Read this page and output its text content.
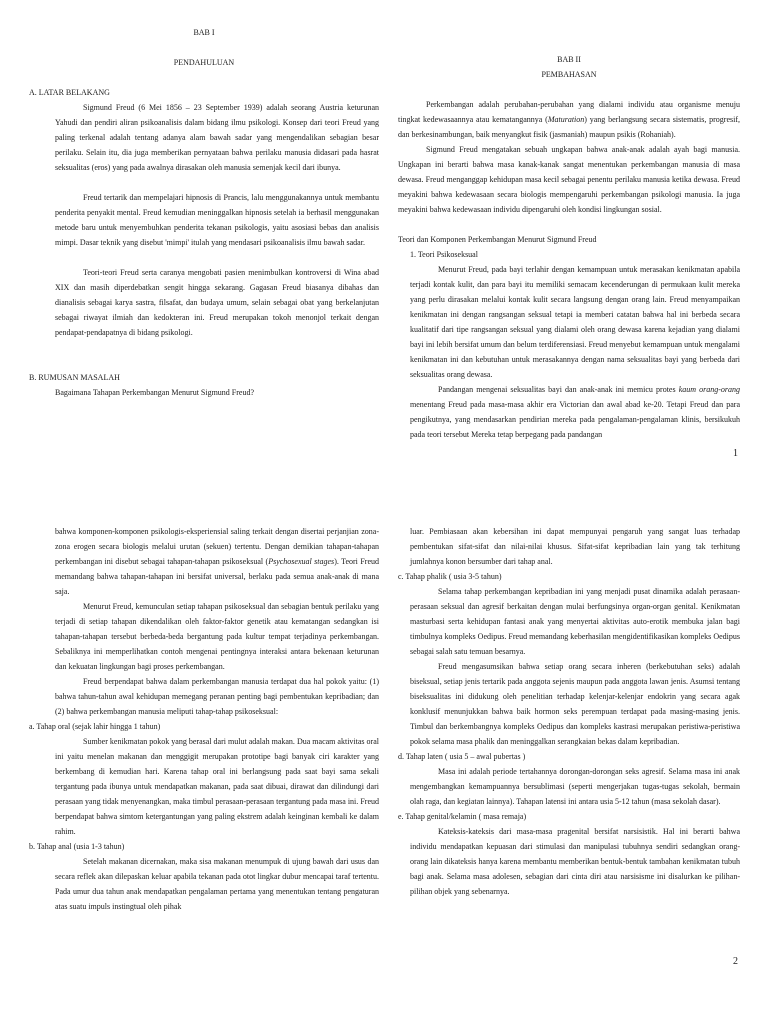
BAB I

PENDAHULUAN

A. LATAR BELAKANG

Sigmund Freud (6 Mei 1856 – 23 September 1939) adalah seorang Austria keturunan Yahudi dan pendiri aliran psikoanalisis dalam bidang ilmu psikologi. Konsep dari teori Freud yang paling terkenal adalah tentang adanya alam bawah sadar yang mengendalikan sebagian besar perilaku. Selain itu, dia juga memberikan pernyataan bahwa perilaku manusia didasari pada hasrat seksualitas (eros) yang pada awalnya dirasakan oleh manusia semenjak kecil dari ibunya.

Freud tertarik dan mempelajari hipnosis di Prancis, lalu menggunakannya untuk membantu penderita penyakit mental. Freud kemudian meninggalkan hipnosis setelah ia berhasil menggunakan metode baru untuk menyembuhkan penderita tekanan psikologis, yaitu asosiasi bebas dan analisis mimpi. Dasar teknik yang disebut 'mimpi' itulah yang mendasari psikoanalisis ilmu bawah sadar.

Teori-teori Freud serta caranya mengobati pasien menimbulkan kontroversi di Wina abad XIX dan masih diperdebatkan sengit hingga sekarang. Gagasan Freud biasanya dibahas dan dianalisis sebagai karya sastra, filsafat, dan budaya umum, selain sebagai obat yang berkelanjutan sebagai riwayat ilmiah dan kedokteran ini. Freud merupakan tokoh menonjol terkait dengan pendapat-pendapatnya di bidang psikologi.

B. RUMUSAN MASALAH

Bagaimana Tahapan Perkembangan Menurut Sigmund Freud?

BAB II

PEMBAHASAN

Perkembangan adalah perubahan-perubahan yang dialami individu atau organisme menuju tingkat kedewasaannya atau kematangannya (Maturation) yang berlangsung secara sistematis, progresif, dan berkesinambungan, baik menyangkut fisik (jasmaniah) maupun psikis (Rohaniah).

Sigmund Freud mengatakan sebuah ungkapan bahwa anak-anak adalah ayah bagi manusia. Ungkapan ini berarti bahwa masa kanak-kanak sangat menentukan perkembangan manusia di masa dewasa. Freud menganggap kehidupan masa kecil sebagai penentu perilaku manusia ketika dewasa. Freud meyakini bahwa kedewasaan secara biologis mempengaruhi perkembangan psikologi manusia. Ia juga meyakini bahwa kedewasaan individu dipengaruhi oleh kondisi lingkungan sosial.

Teori dan Komponen Perkembangan Menurut Sigmund Freud

1. Teori Psikoseksual

Menurut Freud, pada bayi terlahir dengan kemampuan untuk merasakan kenikmatan apabila terjadi kontak kulit, dan para bayi itu memiliki semacam kecenderungan di permukaan kulit mereka yang perlu dirasakan melalui kontak kulit secara langsung dengan orang lain. Freud menyampaikan kenikmatan ini dengan rangsangan seksual tetapi ia memberi catatan bahwa hal ini berbeda secara kualitatif dari tipe rangsangan seksual yang dialami oleh orang dewasa karena kejadian yang dialami bayi ini lebih bersifat umum dan belum terdiferensiasi. Freud menyebut kemampuan untuk mengalami kenikmatan ini dan kebutuhan untuk merasakannya dengan nama seksualitas bayi yang berbeda dari seksualitas orang dewasa.

Pandangan mengenai seksualitas bayi dan anak-anak ini memicu protes kaum orang-orang menentang Freud pada masa-masa akhir era Victorian dan awal abad ke-20. Tetapi Freud dan para pengikutnya, yang mendasarkan pendirian mereka pada pengalaman-pengalaman klinis, bersikukuh pada teori tersebut Mereka tetap berpegang pada pandangan

1

bahwa komponen-komponen psikologis-eksperiensial saling terkait dengan disertai perjanjian zona-zona erogen secara biologis melalui urutan (sekuen) tertentu. Dengan demikian tahapan-tahapan perkembangan ini disebut sebagai tahapan-tahapan psikoseksual (Psychosexual stages). Teori Freud memandang bahwa tahapan-tahapan ini bersifat universal, berlaku pada semua anak-anak di mana saja.

Menurut Freud, kemunculan setiap tahapan psikoseksual dan sebagian bentuk perilaku yang terjadi di setiap tahapan dikendalikan oleh faktor-faktor genetik atau kematangan sedangkan isi tahapan-tahapan tersebut berbeda-beda bergantung pada kultur tempat terjadinya perkembangan. Sebaliknya ini memperlihatkan contoh mengenai pentingnya interaksi antara bekenaan keturunan dan kekuatan lingkungan bagi proses perkembangan.

Freud berpendapat bahwa dalam perkembangan manusia terdapat dua hal pokok yaitu: (1) bahwa tahun-tahun awal kehidupan memegang peranan penting bagi pembentukan kepribadian; dan (2) bahwa perkembangan manusia meliputi tahap-tahap psikoseksual:

a. Tahap oral (sejak lahir hingga 1 tahun)

Sumber kenikmatan pokok yang berasal dari mulut adalah makan. Dua macam aktivitas oral ini yaitu menelan makanan dan menggigit merupakan prototipe bagi banyak ciri karakter yang berkembang di kemudian hari. Karena tahap oral ini berlangsung pada saat bayi sama sekali tergantung pada ibunya untuk mendapatkan makanan, pada saat dibuai, dirawat dan dilindungi dari perasaan yang tidak menyenangkan, maka timbul perasaan-perasaan tergantung pada masa ini. Freud berpendapat bahwa simtom ketergantungan yang paling ekstrem adalah keinginan kembali ke dalam rahim.

b. Tahap anal (usia 1-3 tahun)

Setelah makanan dicernakan, maka sisa makanan menumpuk di ujung bawah dari usus dan secara reflek akan dilepaskan keluar apabila tekanan pada otot lingkar dubur mencapai taraf tertentu. Pada umur dua tahun anak mendapatkan pengalaman pertama yang menentukan tentang pengaturan atas suatu impuls instingtual oleh pihak

luar. Pembiasaan akan kebersihan ini dapat mempunyai pengaruh yang sangat luas terhadap pembentukan sifat-sifat dan nilai-nilai khusus. Sifat-sifat kepribadian lain yang tak terhitung jumlahnya konon bersumber dari tahap anal.

c. Tahap phalik ( usia 3-5 tahun)

Selama tahap perkembangan kepribadian ini yang menjadi pusat dinamika adalah perasaan-perasaan seksual dan agresif berkaitan dengan mulai berfungsinya organ-organ genital. Kenikmatan masturbasi serta kehidupan fantasi anak yang menyertai aktivitas auto-erotik membuka jalan bagi timbulnya kompleks Oedipus. Freud memandang keberhasilan mengidentifikasikan kompleks Oedipus sebagai salah satu temuan besarnya.

Freud mengasumsikan bahwa setiap orang secara inheren (berkebutuhan seks) adalah biseksual, setiap jenis tertarik pada anggota sejenis maupun pada anggota lawan jenis. Asumsi tentang biseksualitas ini didukung oleh penelitian terhadap kelenjar-kelenjar endokrin yang secara agak konklusif menunjukkan bahwa baik hormon seks perempuan terdapat pada masing-masing jenis. Timbul dan berkembangnya kompleks Oedipus dan kompleks kastrasi merupakan peristiwa-peristiwa pokok selama masa phalik dan meninggalkan serangkaian bekas dalam kepribadian.

d. Tahap laten ( usia 5 – awal pubertas )

Masa ini adalah periode tertahannya dorongan-dorongan seks agresif. Selama masa ini anak mengembangkan kemampuannya bersublimasi (seperti mengerjakan tugas-tugas sekolah, bermain olah raga, dan kegiatan lainnya). Tahapan latensi ini antara usia 5-12 tahun (masa sekolah dasar).

e. Tahap genital/kelamin ( masa remaja)

Kateksis-kateksis dari masa-masa pragenital bersifat narsisistik. Hal ini berarti bahwa individu mendapatkan kepuasan dari stimulasi dan manipulasi tubuhnya sendiri sedangkan orang-orang lain dikateksis hanya karena membantu memberikan bentuk-bentuk tambahan kenikmatan tubuh bagi anak. Selama masa adolesen, sebagian dari cinta diri atau narsisisme ini disalurkan ke pilihan-pilihan objek yang sebenarnya.

2
